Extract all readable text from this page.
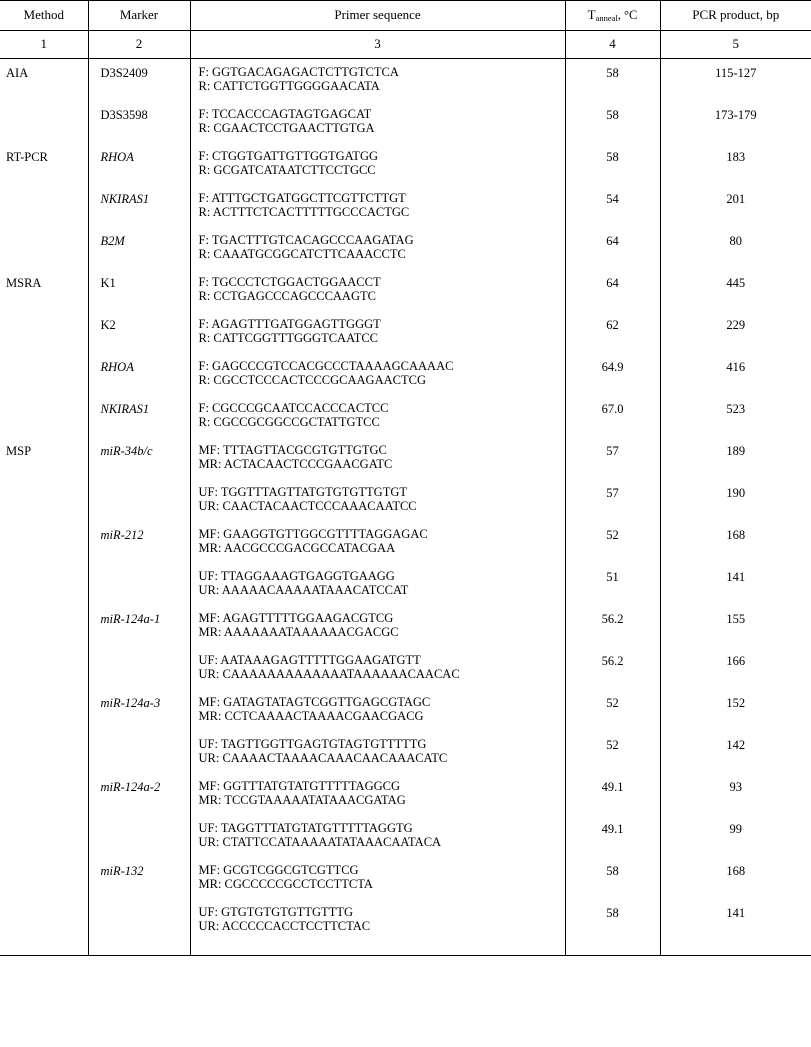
Method	Marker	Primer sequence	$T_{anneal}$, °C	PCR product, bp
1	2	3	4	5
AIA	D3S2409	F: GGTGACAGAGACTCTTGTCTCA
R: CATTCTGGTTGGGGAACATA	58	115-127
	D3S3598	F: TCCACCCAGTAGTGAGCAT
R: CGAACTCCTGAACTTGTGA	58	173-179
RT-PCR	RHOA	F: CTGGTGATTGTTGGTGATGG
R: GCGATCATAATCTTCCTGCC	58	183
	NKIRAS1	F: ATTTGCTGATGGCTTCGTTCTTGT
R: ACTTTCTCACTTTTTGCCCACTGC	54	201
	B2M	F: TGACTTTGTCACAGCCCAAGATAG
R: CAAATGCGGCATCTTCAAACCTC	64	80
MSRA	K1	F: TGCCCTCTGGACTGGAACCT
R: CCTGAGCCCAGCCCAAGTC	64	445
	K2	F: AGAGTTTGATGGAGTTGGGT
R: CATTCGGTTTGGGTCAATCC	62	229
	RHOA	F: GAGCCCGTCCACGCCCTAAAAGCAAAAC
R: CGCCTCCCACTCCCGCAAGAACTCG	64.9	416
	NKIRAS1	F: CGCCCGCAATCCACCCACTCC
R: CGCCGCGGCCGCTATTGTCC	67.0	523
MSP	miR-34b/c	MF: TTTAGTTACGCGTGTTGTGC
MR: ACTACAACTCCCGAACGATC	57	189

		UF: TGGTTTAGTTATGTGTGTTGTGT
UR: CAACTACAACTCCCAAACAATCC	57	190
	miR-212	MF: GAAGGTGTTGGCGTTTTAGGAGAC
MR: AACGCCCGACGCCATACGAA	52	168

		UF: TTAGGAAAGTGAGGTGAAGG
UR: AAAAACAAAAATAAACATCCAT	51	141
	miR-124a-1	MF: AGAGTTTTTGGAAGACGTCG
MR: AAAAAAATAAAAAACGACGC	56.2	155

		UF: AATAAAGAGTTTTTGGAAGATGTT
UR: CAAAAAAAAAAAAATAAAAAACAACAC	56.2	166
	miR-124a-3	MF: GATAGTATAGTCGGTTGAGCGTAGC
MR: CCTCAAAACTAAAACGAACGACG	52	152

		UF: TAGTTGGTTGAGTGTAGTGTTTTTG
UR: CAAAACTAAAACAAACAACAAACATC	52	142
	miR-124a-2	MF: GGTTTATGTATGTTTTTAGGCG
MR: TCCGTAAAAATATAAACGATAG	49.1	93

		UF: TAGGTTTATGTATGTTTTTAGGTG
UR: CTATTCCATAAAAATATAAACAATACA	49.1	99
	miR-132	MF: GCGTCGGCGTCGTTCG
MR: CGCCCCCGCCTCCTTCTA	58	168

		UF: GTGTGTGTGTTGTTTG
UR: ACCCCCACCTCCTTCTAC	58	141
